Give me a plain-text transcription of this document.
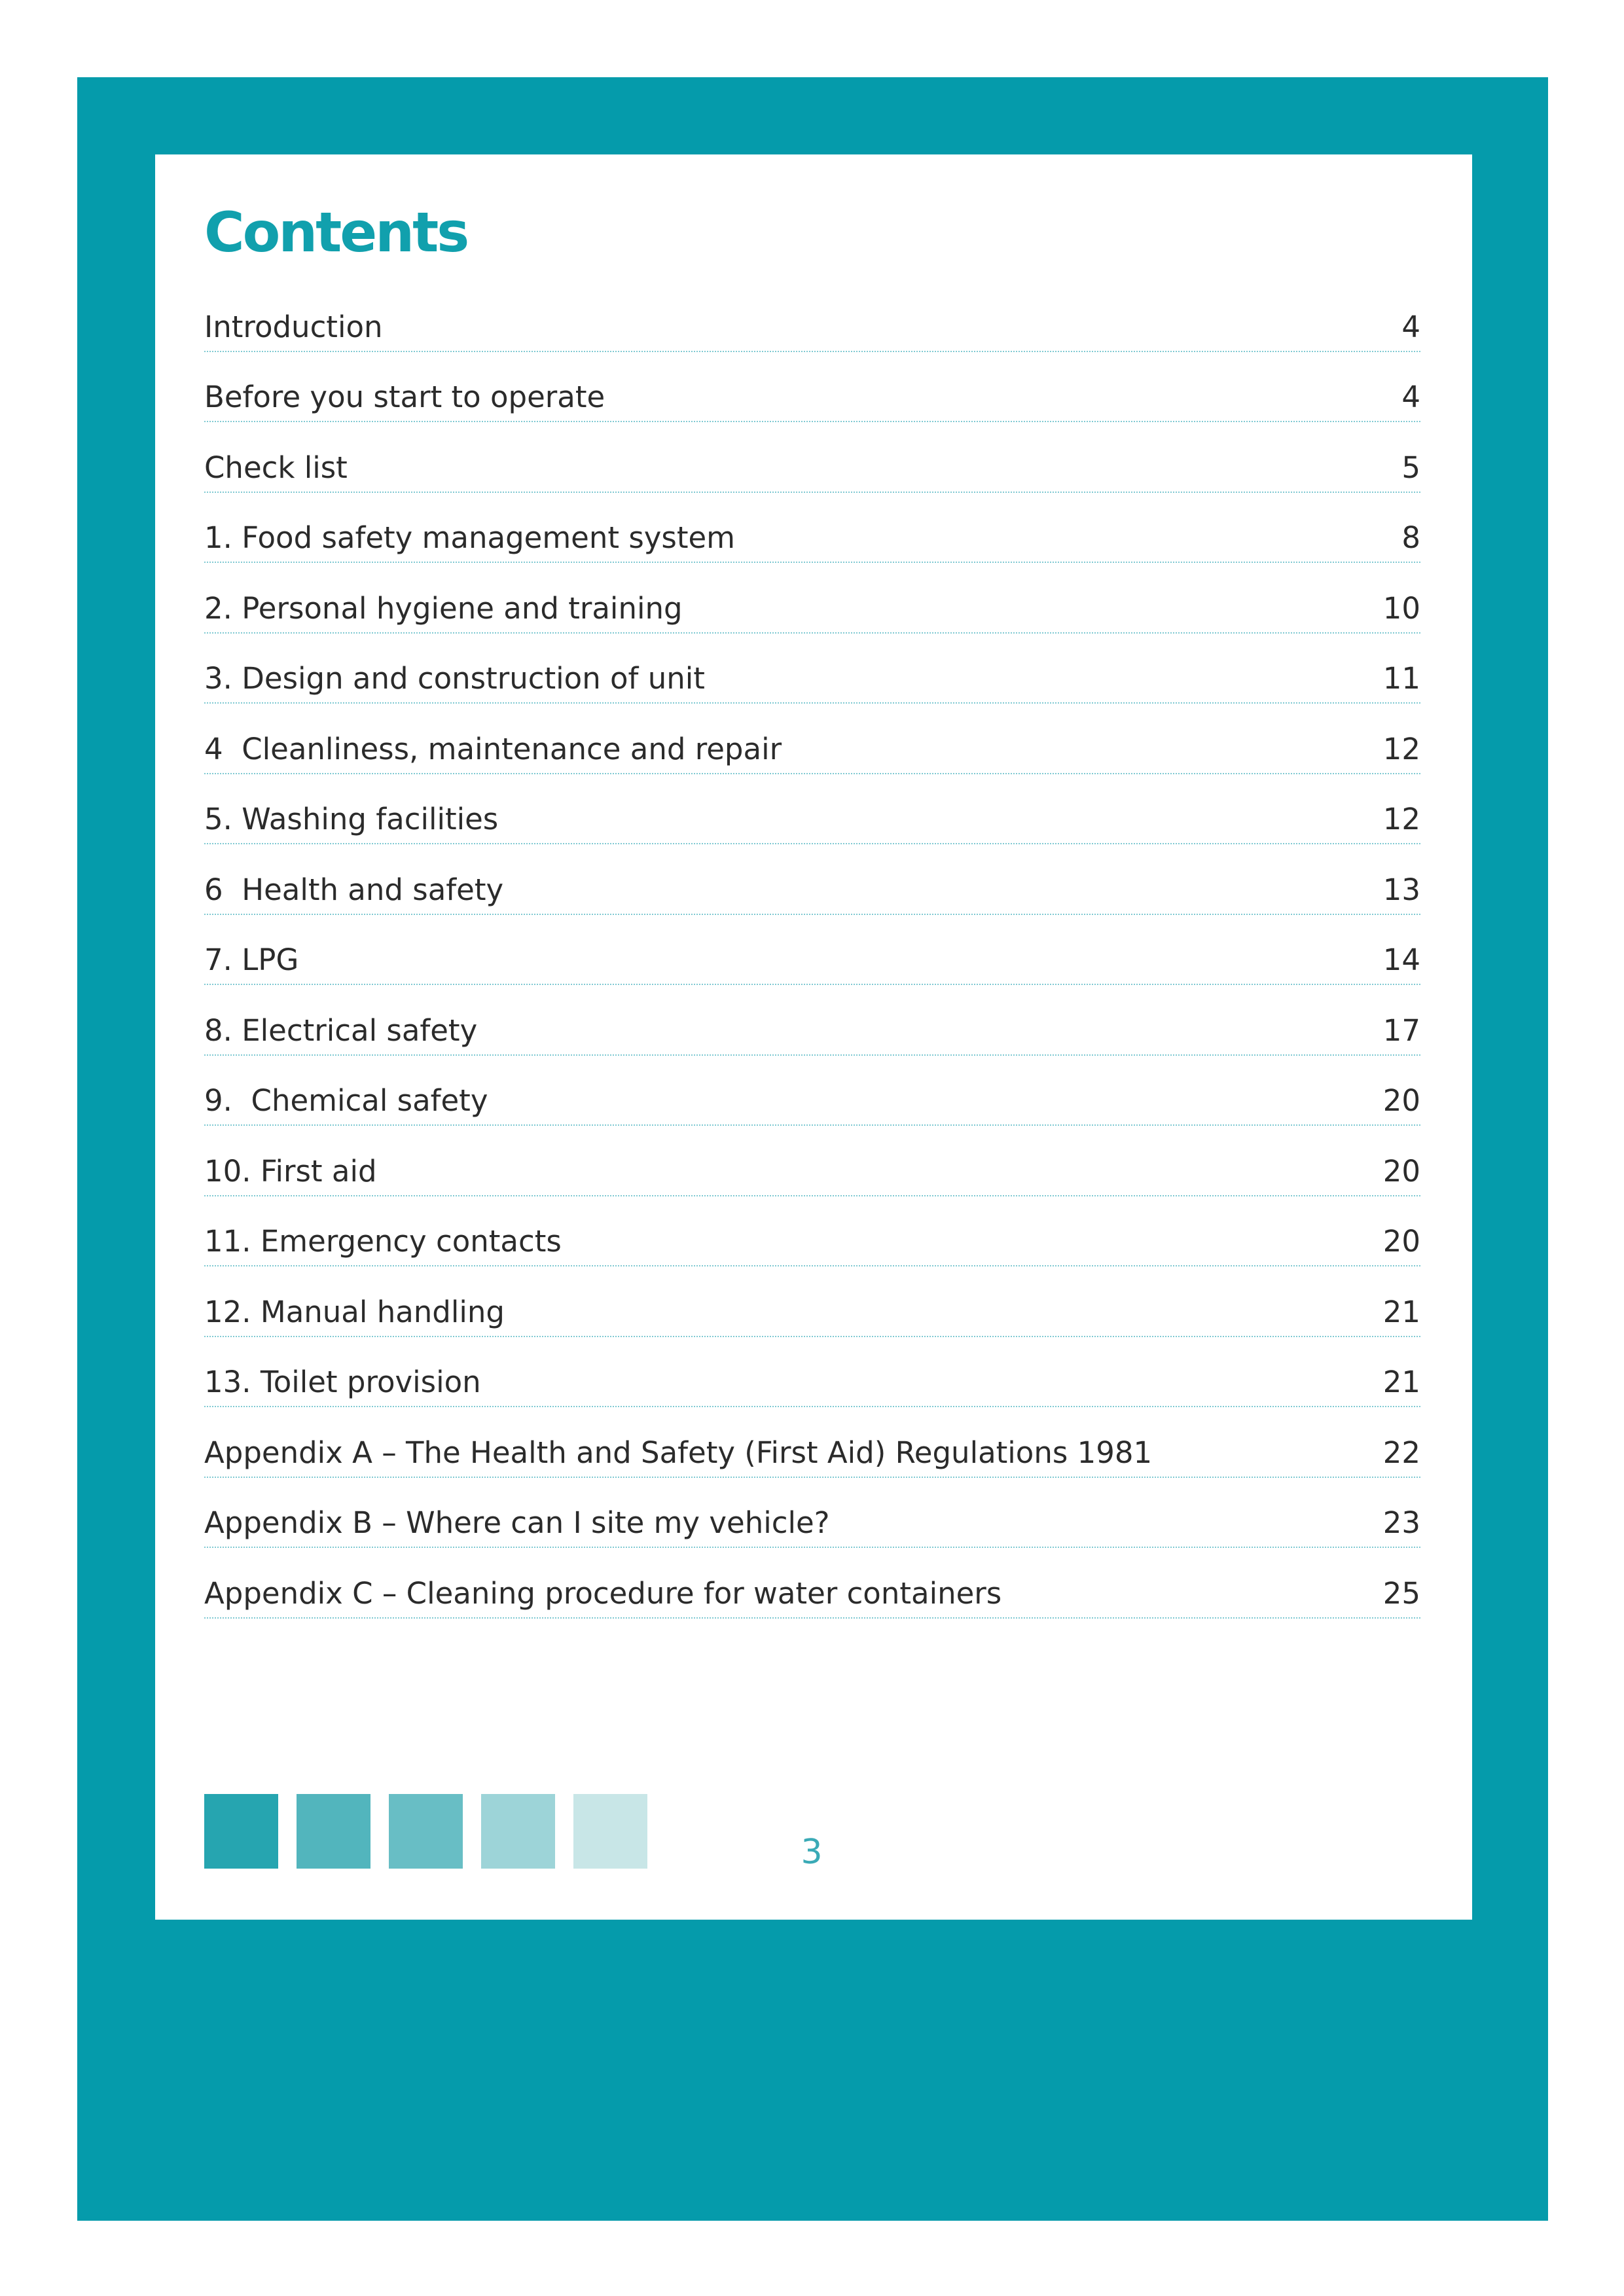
Contents
Introduction	4
Before you start to operate	4
Check list	5
1. Food safety management system	8
2. Personal hygiene and training	10
3. Design and construction of unit	11
4  Cleanliness, maintenance and repair	12
5. Washing facilities	12
6  Health and safety	13
7. LPG	14
8. Electrical safety	17
9.  Chemical safety	20
10. First aid	20
11. Emergency contacts	20
12. Manual handling	21
13. Toilet provision	21
Appendix A – The Health and Safety (First Aid) Regulations 1981	22
Appendix B – Where can I site my vehicle?	23
Appendix C – Cleaning procedure for water containers	25
3
